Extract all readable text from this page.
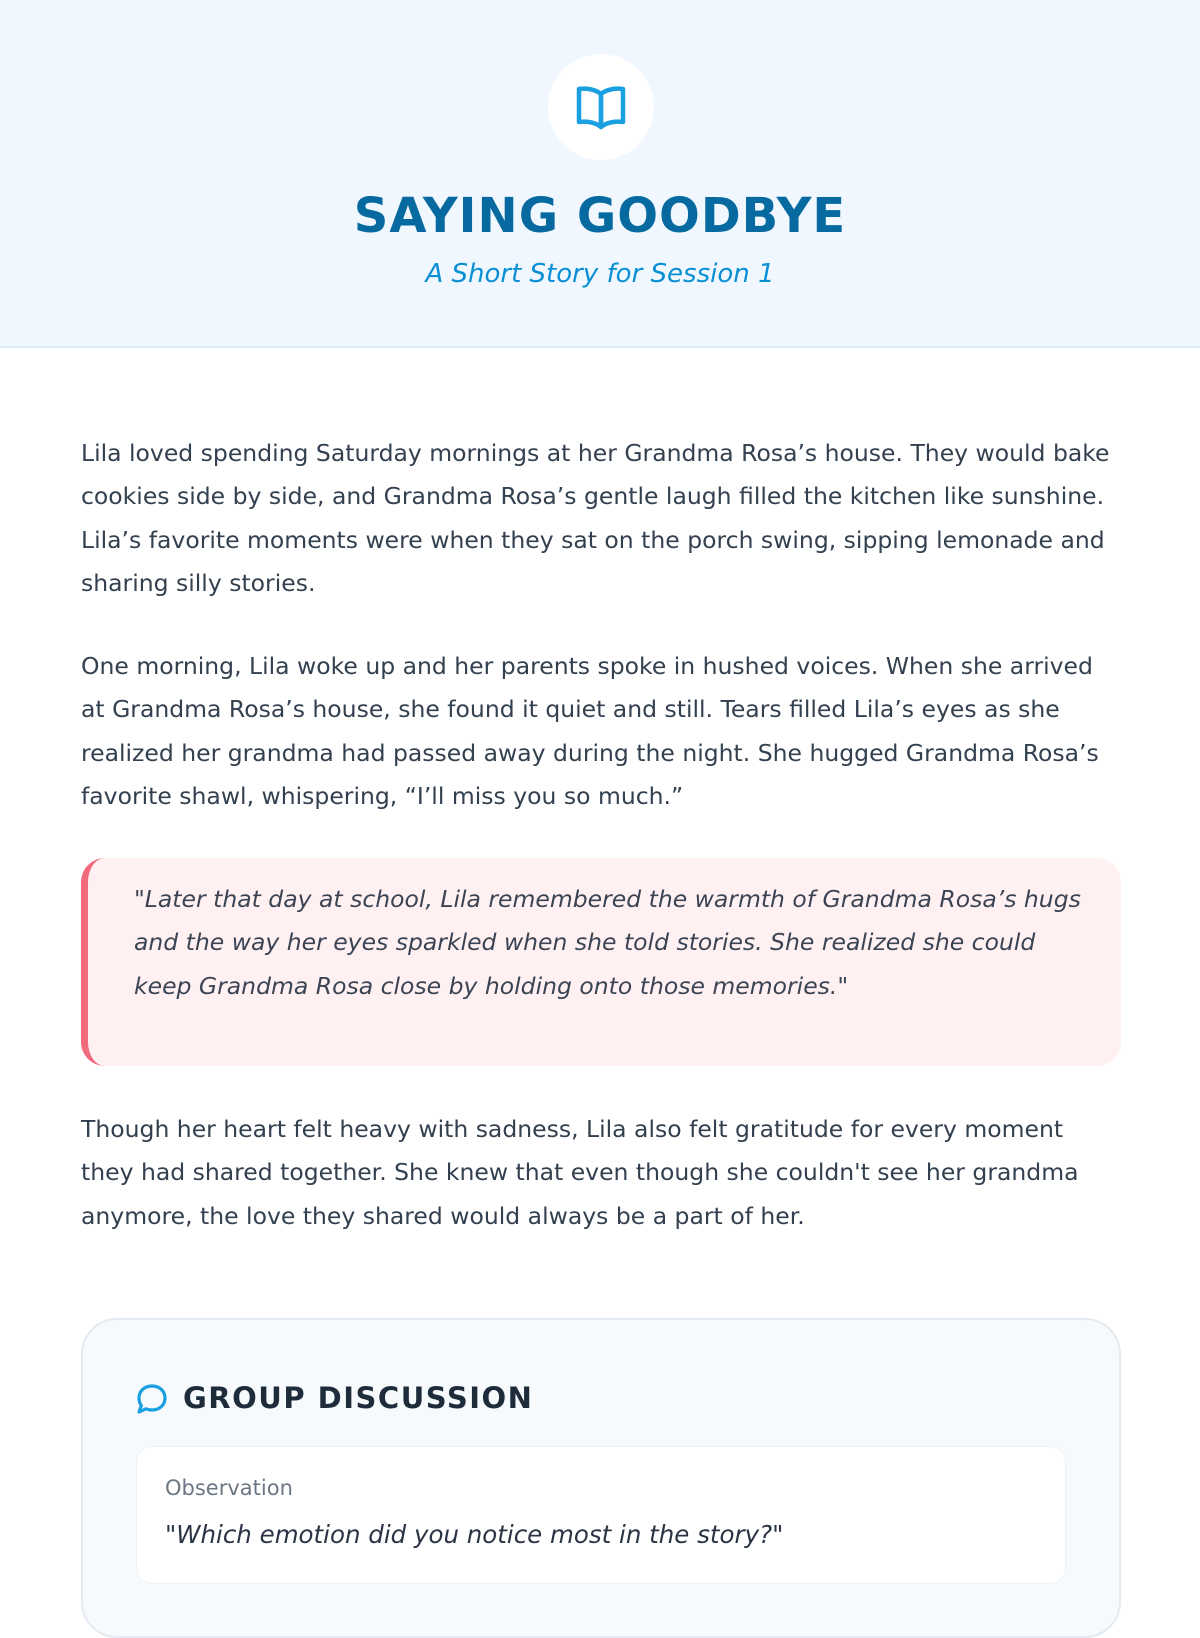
SAYING GOODBYE
A Short Story for Session 1

Lila loved spending Saturday mornings at her Grandma Rosa’s house. They would bake cookies side by side, and Grandma Rosa’s gentle laugh filled the kitchen like sunshine. Lila’s favorite moments were when they sat on the porch swing, sipping lemonade and sharing silly stories.

One morning, Lila woke up and her parents spoke in hushed voices. When she arrived at Grandma Rosa’s house, she found it quiet and still. Tears filled Lila’s eyes as she realized her grandma had passed away during the night. She hugged Grandma Rosa’s favorite shawl, whispering, “I’ll miss you so much.”

"Later that day at school, Lila remembered the warmth of Grandma Rosa’s hugs and the way her eyes sparkled when she told stories. She realized she could keep Grandma Rosa close by holding onto those memories."

Though her heart felt heavy with sadness, Lila also felt gratitude for every moment they had shared together. She knew that even though she couldn't see her grandma anymore, the love they shared would always be a part of her.

GROUP DISCUSSION
Observation
"Which emotion did you notice most in the story?"
